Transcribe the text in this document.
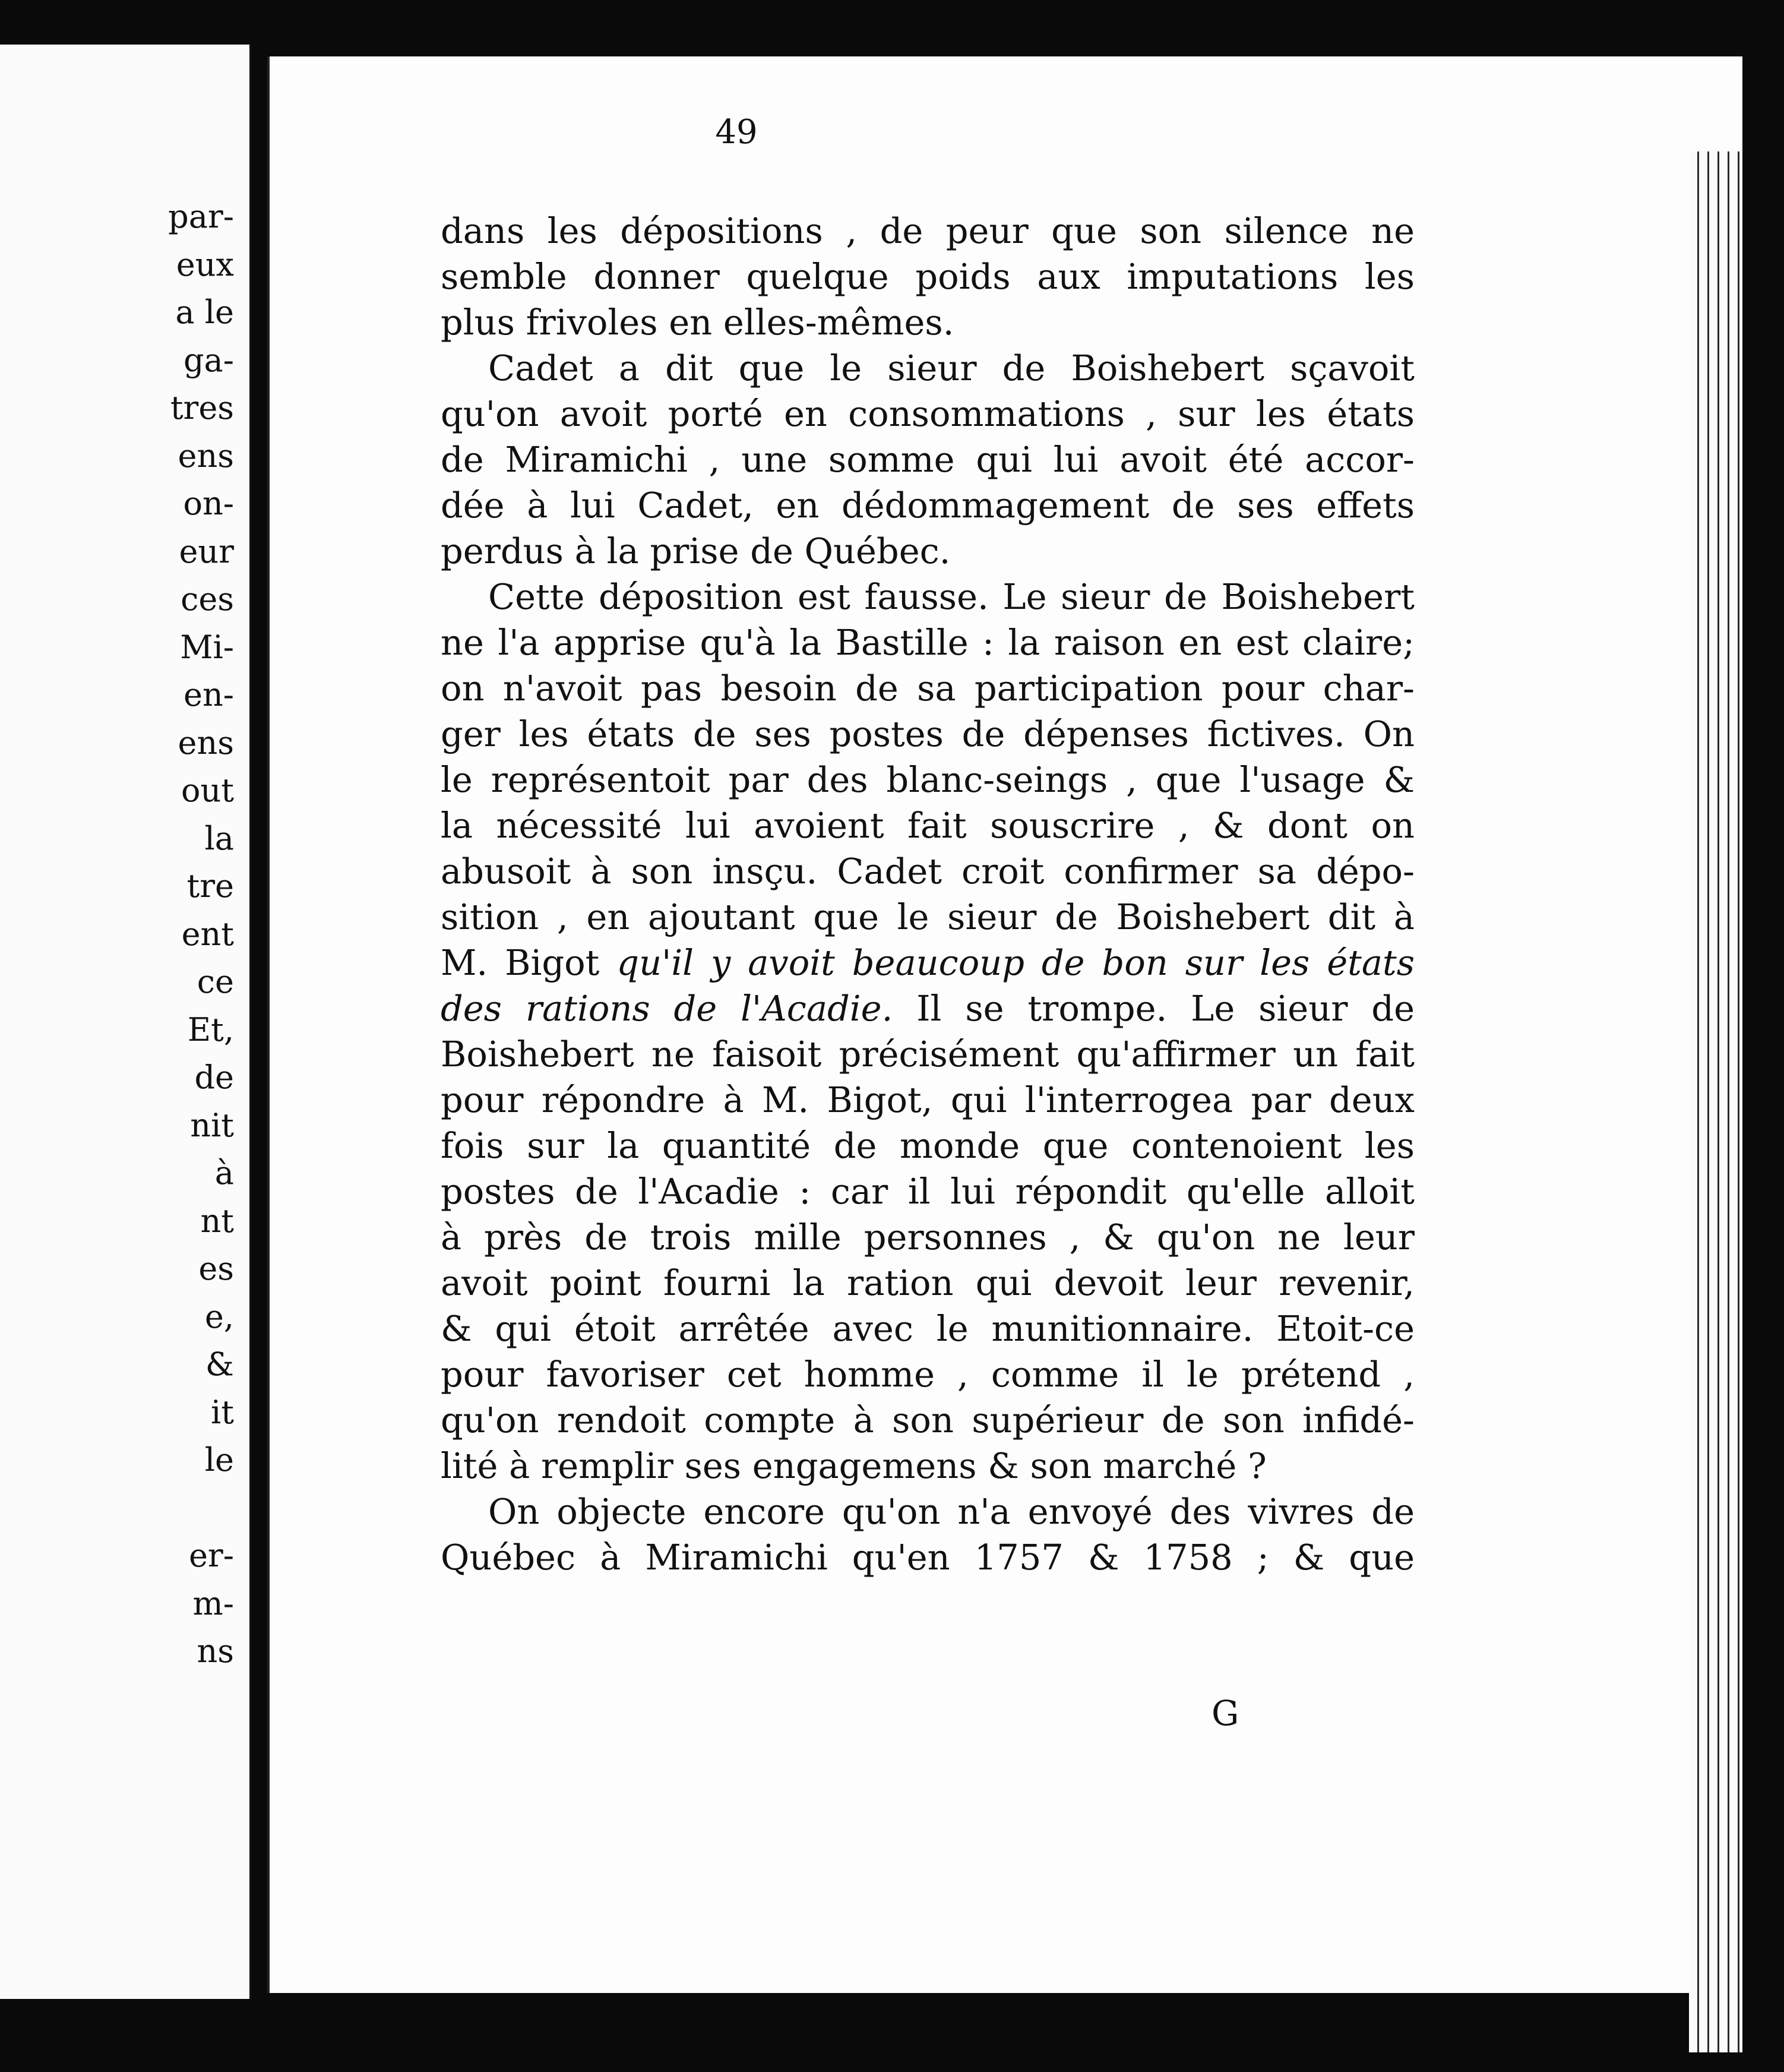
par-
eux
a le
ga-
tres
ens
on-
eur
ces
Mi-
en-
ens
out
la
tre
ent
ce
Et,
de
nit
à
nt
es
e,
&
it
le
er-
m-
ns
49
dans les dépositions , de peur que son silence ne
semble donner quelque poids aux imputations les
plus frivoles en elles-mêmes.
Cadet a dit que le sieur de Boishebert sçavoit
qu'on avoit porté en consommations , sur les états
de Miramichi , une somme qui lui avoit été accor-
dée à lui Cadet, en dédommagement de ses effets
perdus à la prise de Québec.
Cette déposition est fausse. Le sieur de Boishebert
ne l'a apprise qu'à la Bastille : la raison en est claire;
on n'avoit pas besoin de sa participation pour char-
ger les états de ses postes de dépenses fictives. On
le représentoit par des blanc-seings , que l'usage &
la nécessité lui avoient fait souscrire , & dont on
abusoit à son insçu. Cadet croit confirmer sa dépo-
sition , en ajoutant que le sieur de Boishebert dit à
M. Bigot qu'il y avoit beaucoup de bon sur les états
des rations de l'Acadie. Il se trompe. Le sieur de
Boishebert ne faisoit précisément qu'affirmer un fait
pour répondre à M. Bigot, qui l'interrogea par deux
fois sur la quantité de monde que contenoient les
postes de l'Acadie : car il lui répondit qu'elle alloit
à près de trois mille personnes , & qu'on ne leur
avoit point fourni la ration qui devoit leur revenir,
& qui étoit arrêtée avec le munitionnaire. Etoit-ce
pour favoriser cet homme , comme il le prétend ,
qu'on rendoit compte à son supérieur de son infidé-
lité à remplir ses engagemens & son marché ?
On objecte encore qu'on n'a envoyé des vivres de
Québec à Miramichi qu'en 1757 & 1758 ; & que
G
